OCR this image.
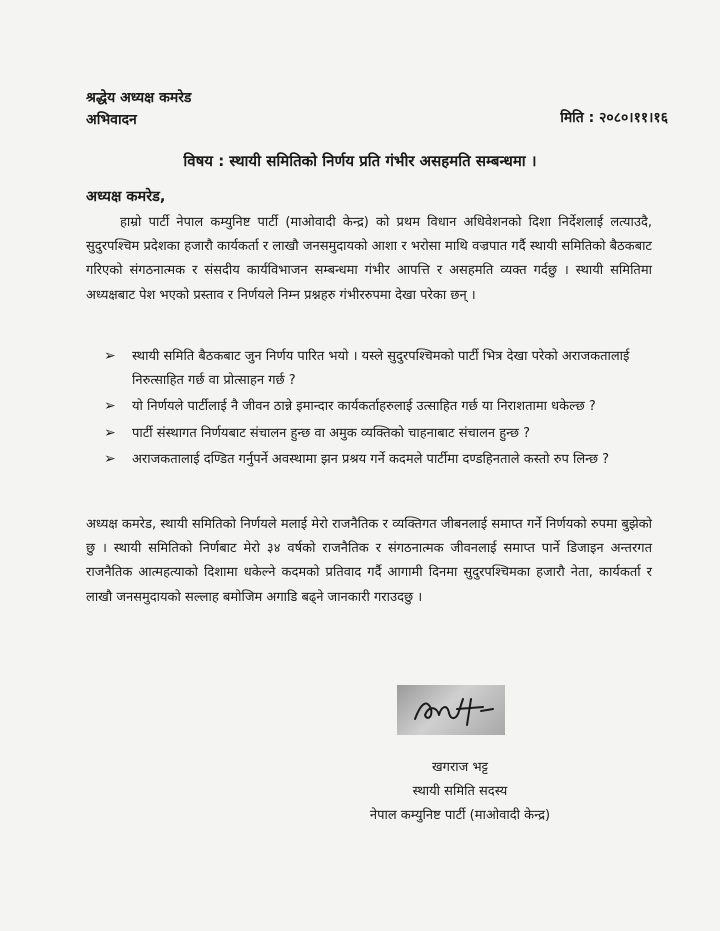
श्रद्धेय अध्यक्ष कमरेड
अभिवादन	मिति : २०८०।११।१६
विषय : स्थायी समितिको निर्णय प्रति गंभीर असहमति सम्बन्धमा ।
अध्यक्ष कमरेड,
हाम्रो पार्टी नेपाल कम्युनिष्ट पार्टी (माओवादी केन्द्र) को प्रथम विधान अधिवेशनको दिशा निर्देशलाई लत्याउदै, सुदुरपश्चिम प्रदेशका हजारौ कार्यकर्ता र लाखौ जनसमुदायको आशा र भरोसा माथि वज्रपात गर्दै स्थायी समितिको बैठकबाट गरिएको संगठनात्मक र संसदीय कार्यविभाजन सम्बन्धमा गंभीर आपत्ति र असहमति व्यक्त गर्दछु । स्थायी समितिमा अध्यक्षबाट पेश भएको प्रस्ताव र निर्णयले निम्न प्रश्नहरु गंभीररुपमा देखा परेका छन् ।
➢ स्थायी समिति बैठकबाट जुन निर्णय पारित भयो । यस्ले सुदुरपश्चिमको पार्टी भित्र देखा परेको अराजकतालाई निरुत्साहित गर्छ वा प्रोत्साहन गर्छ ?
➢ यो निर्णयले पार्टीलाई नै जीवन ठान्ने इमान्दार कार्यकर्ताहरुलाई उत्साहित गर्छ या निराशतामा धकेल्छ ?
➢ पार्टी संस्थागत निर्णयबाट संचालन हुन्छ वा अमुक व्यक्तिको चाहनाबाट संचालन हुन्छ ?
➢ अराजकतालाई दण्डित गर्नुपर्ने अवस्थामा झन प्रश्रय गर्ने कदमले पार्टीमा दण्डहिनताले कस्तो रुप लिन्छ ?
अध्यक्ष कमरेड, स्थायी समितिको निर्णयले मलाई मेरो राजनैतिक र व्यक्तिगत जीबनलाई समाप्त गर्ने निर्णयको रुपमा बुझेको छु । स्थायी समितिको निर्णबाट मेरो ३४ वर्षको राजनैतिक र संगठनात्मक जीवनलाई समाप्त पार्ने डिजाइन अन्तरगत राजनैतिक आत्महत्याको दिशामा धकेल्ने कदमको प्रतिवाद गर्दै आगामी दिनमा सुदुरपश्चिमका हजारौ नेता, कार्यकर्ता र लाखौ जनसमुदायको सल्लाह बमोजिम अगाडि बढ्ने जानकारी गराउदछु ।
खगराज भट्ट
स्थायी समिति सदस्य
नेपाल कम्युनिष्ट पार्टी (माओवादी केन्द्र)
